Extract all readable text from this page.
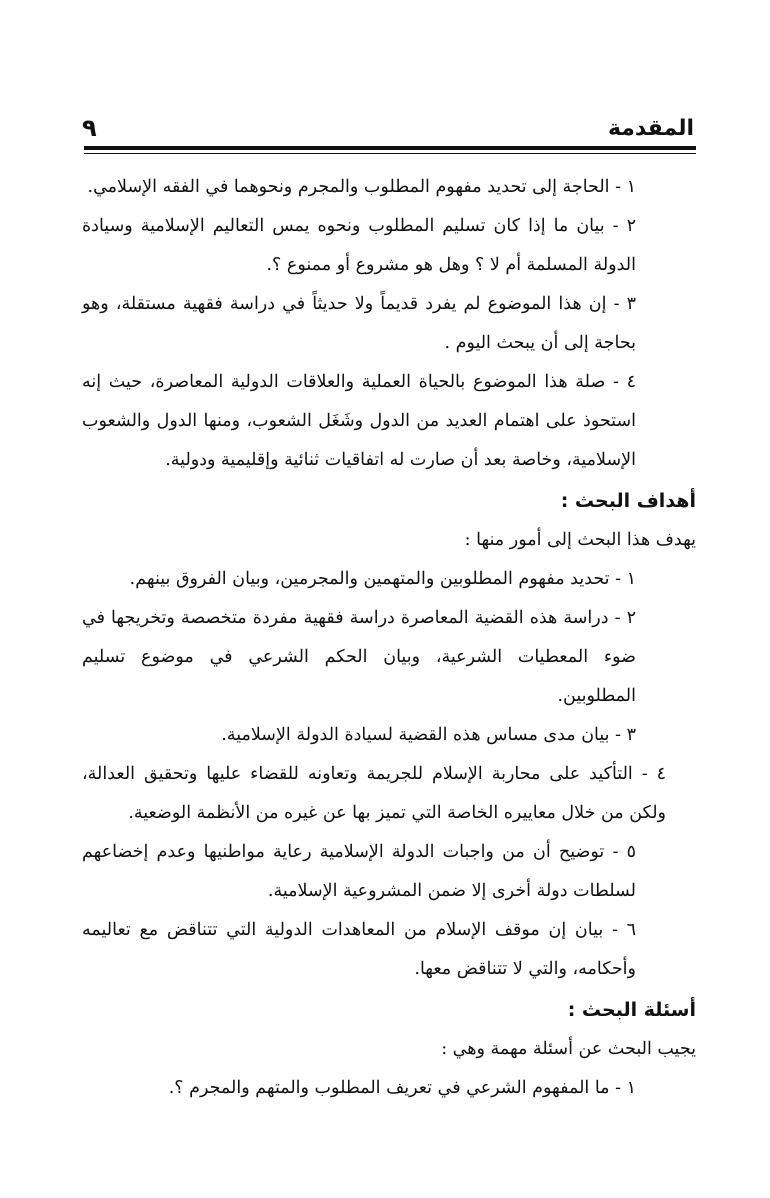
المقدمة
٩

١ - الحاجة إلى تحديد مفهوم المطلوب والمجرم ونحوهما في الفقه الإسلامي.

٢ - بيان ما إذا كان تسليم المطلوب ونحوه يمس التعاليم الإسلامية وسيادة الدولة المسلمة أم لا ؟ وهل هو مشروع أو ممنوع ؟.

٣ - إن هذا الموضوع لم يفرد قديماً ولا حديثاً في دراسة فقهية مستقلة، وهو بحاجة إلى أن يبحث اليوم .

٤ - صلة هذا الموضوع بالحياة العملية والعلاقات الدولية المعاصرة، حيث إنه استحوذ على اهتمام العديد من الدول وشَغَل الشعوب، ومنها الدول والشعوب الإسلامية، وخاصة بعد أن صارت له اتفاقيات ثنائية وإقليمية ودولية.

أهداف البحث :

يهدف هذا البحث إلى أمور منها :

١ - تحديد مفهوم المطلوبين والمتهمين والمجرمين، وبيان الفروق بينهم.

٢ - دراسة هذه القضية المعاصرة دراسة فقهية مفردة متخصصة وتخريجها في ضوء المعطيات الشرعية، وبيان الحكم الشرعي في موضوع تسليم المطلوبين.

٣ - بيان مدى مساس هذه القضية لسيادة الدولة الإسلامية.

٤ - التأكيد على محاربة الإسلام للجريمة وتعاونه للقضاء عليها وتحقيق العدالة، ولكن من خلال معاييره الخاصة التي تميز بها عن غيره من الأنظمة الوضعية.

٥ - توضيح أن من واجبات الدولة الإسلامية رعاية مواطنيها وعدم إخضاعهم لسلطات دولة أخرى إلا ضمن المشروعية الإسلامية.

٦ - بيان إن موقف الإسلام من المعاهدات الدولية التي تتناقض مع تعاليمه وأحكامه، والتي لا تتناقض معها.

أسئلة البحث :

يجيب البحث عن أسئلة مهمة وهي :

١ - ما المفهوم الشرعي في تعريف المطلوب والمتهم والمجرم ؟.
